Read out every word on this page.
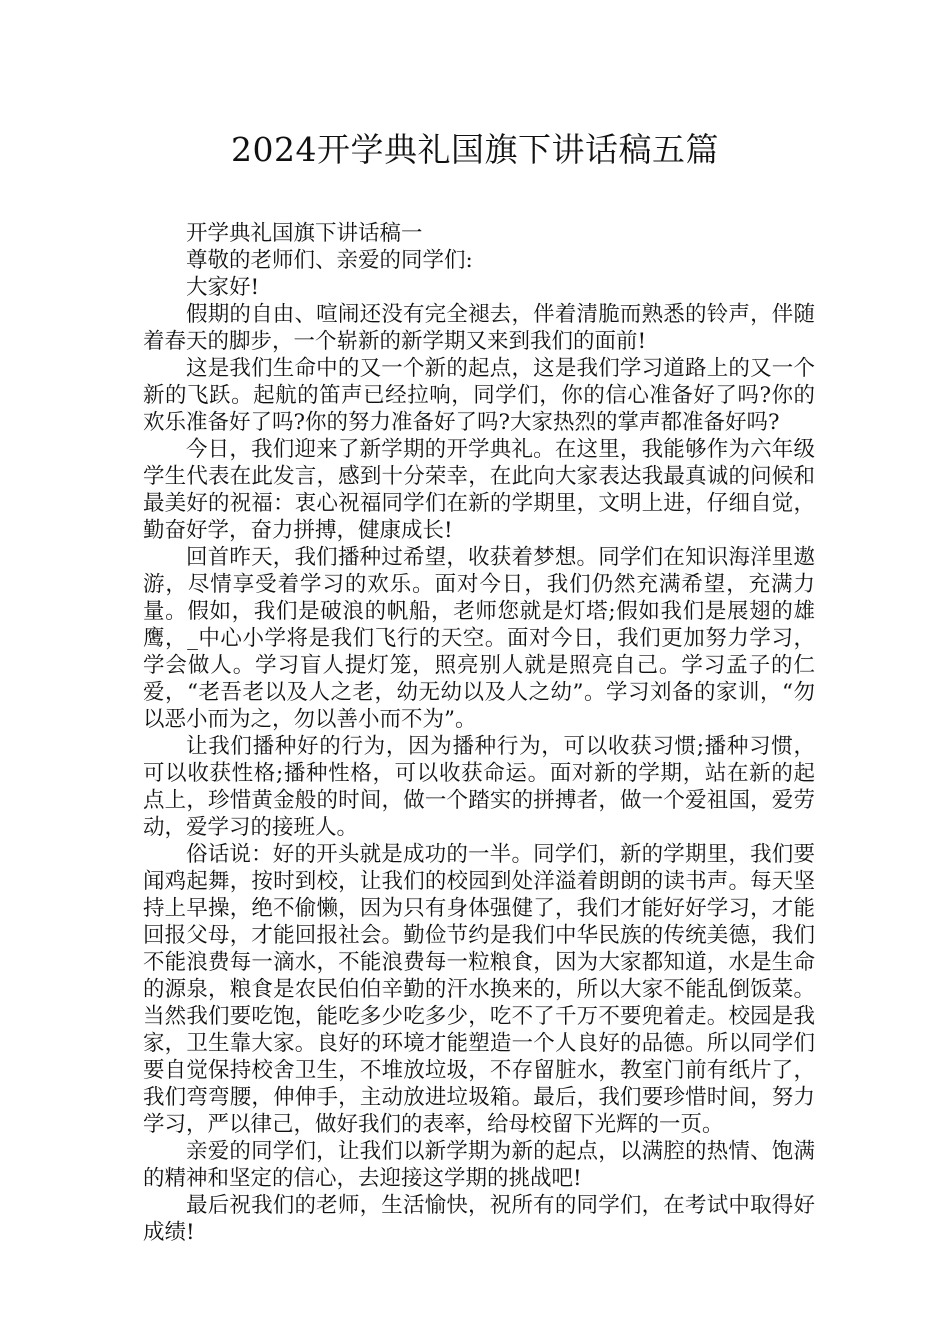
2024开学典礼国旗下讲话稿五篇

开学典礼国旗下讲话稿一

尊敬的老师们、亲爱的同学们:

大家好!

假期的自由、喧闹还没有完全褪去，伴着清脆而熟悉的铃声，伴随着春天的脚步，一个崭新的新学期又来到我们的面前!

这是我们生命中的又一个新的起点，这是我们学习道路上的又一个新的飞跃。起航的笛声已经拉响，同学们，你的信心准备好了吗?你的欢乐准备好了吗?你的努力准备好了吗?大家热烈的掌声都准备好吗?

今日，我们迎来了新学期的开学典礼。在这里，我能够作为六年级学生代表在此发言，感到十分荣幸，在此向大家表达我最真诚的问候和最美好的祝福：衷心祝福同学们在新的学期里，文明上进，仔细自觉，勤奋好学，奋力拼搏，健康成长!

回首昨天，我们播种过希望，收获着梦想。同学们在知识海洋里遨游，尽情享受着学习的欢乐。面对今日，我们仍然充满希望，充满力量。假如，我们是破浪的帆船，老师您就是灯塔;假如我们是展翅的雄鹰，_中心小学将是我们飞行的天空。面对今日，我们更加努力学习，学会做人。学习盲人提灯笼，照亮别人就是照亮自己。学习孟子的仁爱，“老吾老以及人之老，幼无幼以及人之幼”。学习刘备的家训，“勿以恶小而为之，勿以善小而不为”。

让我们播种好的行为，因为播种行为，可以收获习惯;播种习惯，可以收获性格;播种性格，可以收获命运。面对新的学期，站在新的起点上，珍惜黄金般的时间，做一个踏实的拼搏者，做一个爱祖国，爱劳动，爱学习的接班人。

俗话说：好的开头就是成功的一半。同学们，新的学期里，我们要闻鸡起舞，按时到校，让我们的校园到处洋溢着朗朗的读书声。每天坚持上早操，绝不偷懒，因为只有身体强健了，我们才能好好学习，才能回报父母，才能回报社会。勤俭节约是我们中华民族的传统美德，我们不能浪费每一滴水，不能浪费每一粒粮食，因为大家都知道，水是生命的源泉，粮食是农民伯伯辛勤的汗水换来的，所以大家不能乱倒饭菜。当然我们要吃饱，能吃多少吃多少，吃不了千万不要兜着走。校园是我家，卫生靠大家。良好的环境才能塑造一个人良好的品德。所以同学们要自觉保持校舍卫生，不堆放垃圾，不存留脏水，教室门前有纸片了，我们弯弯腰，伸伸手，主动放进垃圾箱。最后，我们要珍惜时间，努力学习，严以律己，做好我们的表率，给母校留下光辉的一页。

亲爱的同学们，让我们以新学期为新的起点，以满腔的热情、饱满的精神和坚定的信心，去迎接这学期的挑战吧!

最后祝我们的老师，生活愉快，祝所有的同学们，在考试中取得好成绩!
